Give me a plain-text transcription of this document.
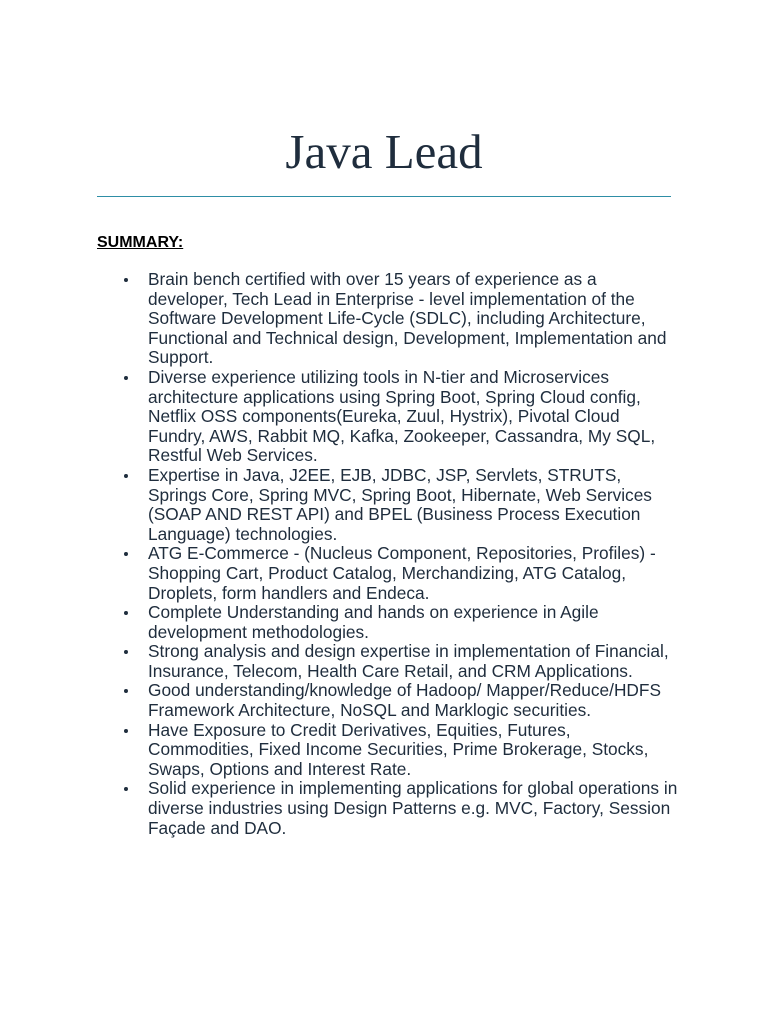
Java Lead
SUMMARY:
Brain bench certified with over 15 years of experience as a developer, Tech Lead in Enterprise - level implementation of the Software Development Life-Cycle (SDLC), including Architecture, Functional and Technical design, Development, Implementation and Support.
Diverse experience utilizing tools in N-tier and Microservices architecture applications using Spring Boot, Spring Cloud config, Netflix OSS components(Eureka, Zuul, Hystrix), Pivotal Cloud Fundry, AWS, Rabbit MQ, Kafka, Zookeeper, Cassandra, My SQL, Restful Web Services.
Expertise in Java, J2EE, EJB, JDBC, JSP, Servlets, STRUTS, Springs Core, Spring MVC, Spring Boot, Hibernate, Web Services (SOAP AND REST API) and BPEL (Business Process Execution Language) technologies.
ATG E-Commerce - (Nucleus Component, Repositories, Profiles) - Shopping Cart, Product Catalog, Merchandizing, ATG Catalog, Droplets, form handlers and Endeca.
Complete Understanding and hands on experience in Agile development methodologies.
Strong analysis and design expertise in implementation of Financial, Insurance, Telecom, Health Care Retail, and CRM Applications.
Good understanding/knowledge of Hadoop/ Mapper/Reduce/HDFS Framework Architecture, NoSQL and Marklogic securities.
Have Exposure to Credit Derivatives, Equities, Futures, Commodities, Fixed Income Securities, Prime Brokerage, Stocks, Swaps, Options and Interest Rate.
Solid experience in implementing applications for global operations in diverse industries using Design Patterns e.g. MVC, Factory, Session Façade and DAO.
